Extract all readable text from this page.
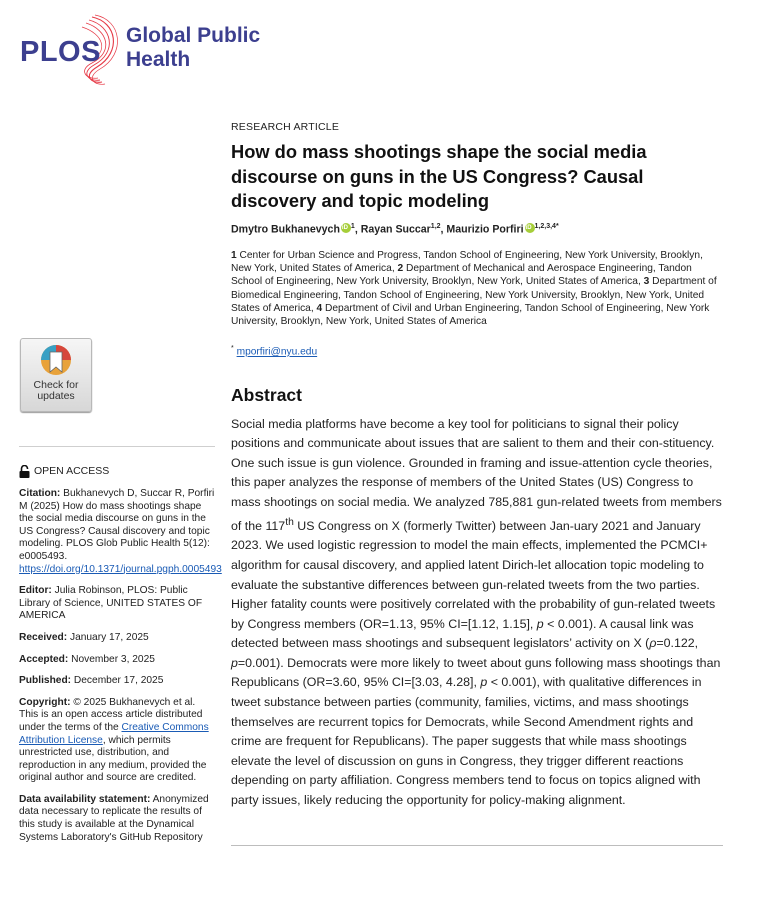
PLOS
Global Public
Health
Check for
updates
OPEN ACCESS

Citation: Bukhanevych D, Succar R, Porfiri M (2025) How do mass shootings shape the social media discourse on guns in the US Congress? Causal discovery and topic modeling. PLOS Glob Public Health 5(12): e0005493. https://doi.org/10.1371/journal.pgph.0005493

Editor: Julia Robinson, PLOS: Public Library of Science, UNITED STATES OF AMERICA

Received: January 17, 2025

Accepted: November 3, 2025

Published: December 17, 2025

Copyright: © 2025 Bukhanevych et al. This is an open access article distributed under the terms of the Creative Commons Attribution License, which permits unrestricted use, distribution, and reproduction in any medium, provided the original author and source are credited.

Data availability statement: Anonymized data necessary to replicate the results of this study is available at the Dynamical Systems Laboratory's GitHub Repository

RESEARCH ARTICLE
How do mass shootings shape the social media discourse on guns in the US Congress? Causal discovery and topic modeling
Dmytro Bukhanevych iD $^1$, Rayan Succar$^{1,2}$, Maurizio Porfiri iD $^{1,2,3,4*}$
1 Center for Urban Science and Progress, Tandon School of Engineering, New York University, Brooklyn, New York, United States of America, 2 Department of Mechanical and Aerospace Engineering, Tandon School of Engineering, New York University, Brooklyn, New York, United States of America, 3 Department of Biomedical Engineering, Tandon School of Engineering, New York University, Brooklyn, New York, United States of America, 4 Department of Civil and Urban Engineering, Tandon School of Engineering, New York University, Brooklyn, New York, United States of America
* mporfiri@nyu.edu
Abstract

Social media platforms have become a key tool for politicians to signal their policy positions and communicate about issues that are salient to them and their con-stituency. One such issue is gun violence. Grounded in framing and issue-attention cycle theories, this paper analyzes the response of members of the United States (US) Congress to mass shootings on social media. We analyzed 785,881 gun-related tweets from members of the 117th US Congress on X (formerly Twitter) between Jan-uary 2021 and January 2023. We used logistic regression to model the main effects, implemented the PCMCI+ algorithm for causal discovery, and applied latent Dirich-let allocation topic modeling to evaluate the substantive differences between gun-related tweets from the two parties. Higher fatality counts were positively correlated with the probability of gun-related tweets by Congress members (OR=1.13, 95% CI=[1.12, 1.15], p < 0.001). A causal link was detected between mass shootings and subsequent legislators’ activity on X (ρ=0.122, p=0.001). Democrats were more likely to tweet about guns following mass shootings than Republicans (OR=3.60, 95% CI=[3.03, 4.28], p < 0.001), with qualitative differences in tweet substance between parties (community, families, victims, and mass shootings themselves are recurrent topics for Democrats, while Second Amendment rights and crime are frequent for Republicans). The paper suggests that while mass shootings elevate the level of discussion on guns in Congress, they trigger different reactions depending on party affiliation. Congress members tend to focus on topics aligned with party issues, likely reducing the opportunity for policy-making alignment.
